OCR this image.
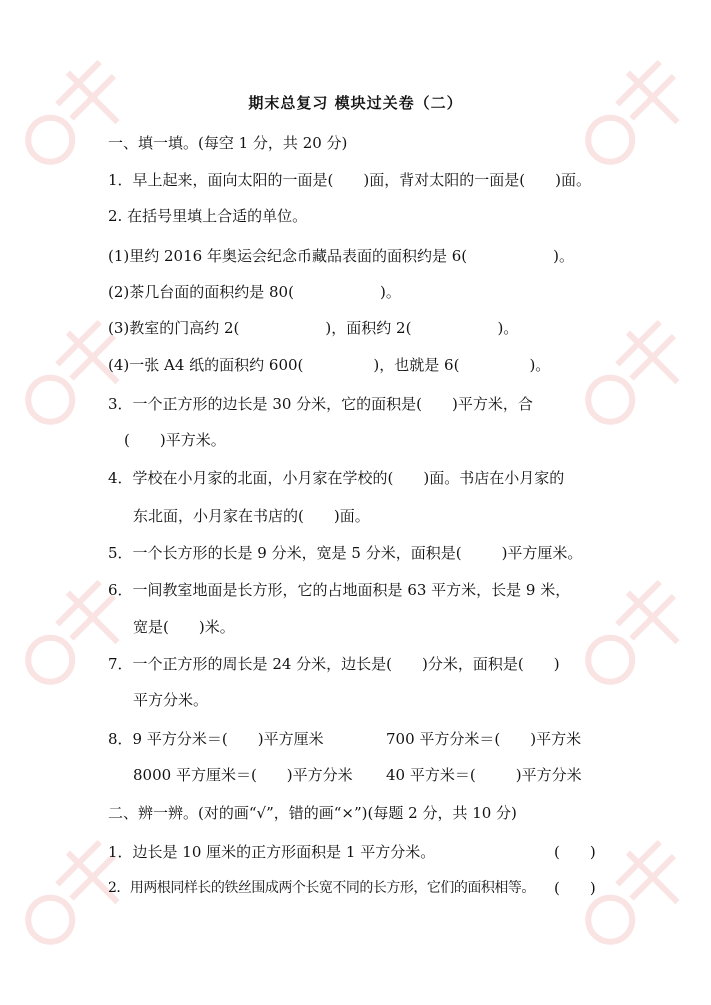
期末总复习 模块过关卷（二）
一、填一填。(每空 1 分，共 20 分)
1．早上起来，面向太阳的一面是( )面，背对太阳的一面是( )面。
2. 在括号里填上合适的单位。
(1)里约 2016 年奥运会纪念币藏品表面的面积约是 6(	)。
(2)茶几台面的面积约是 80(	)。
(3)教室的门高约 2(	)，面积约 2(	)。
(4)一张 A4 纸的面积约 600(	)，也就是 6(	)。
3．一个正方形的边长是 30 分米，它的面积是( )平方米，合
( )平方米。
4．学校在小月家的北面，小月家在学校的( )面。书店在小月家的
东北面，小月家在书店的( )面。
5．一个长方形的长是 9 分米，宽是 5 分米，面积是(	)平方厘米。
6．一间教室地面是长方形，它的占地面积是 63 平方米，长是 9 米，
宽是( )米。
7．一个正方形的周长是 24 分米，边长是( )分米，面积是( )
平方分米。
8．9 平方分米＝( )平方厘米	700 平方分米＝( )平方米
8000 平方厘米＝( )平方分米 40 平方米＝(	)平方分米
二、辨一辨。(对的画“√”，错的画“×”)(每题 2 分，共 10 分)
1．边长是 10 厘米的正方形面积是 1 平方分米。	(　　)
2．用两根同样长的铁丝围成两个长宽不同的长方形，它们的面积相等。 (　　)
